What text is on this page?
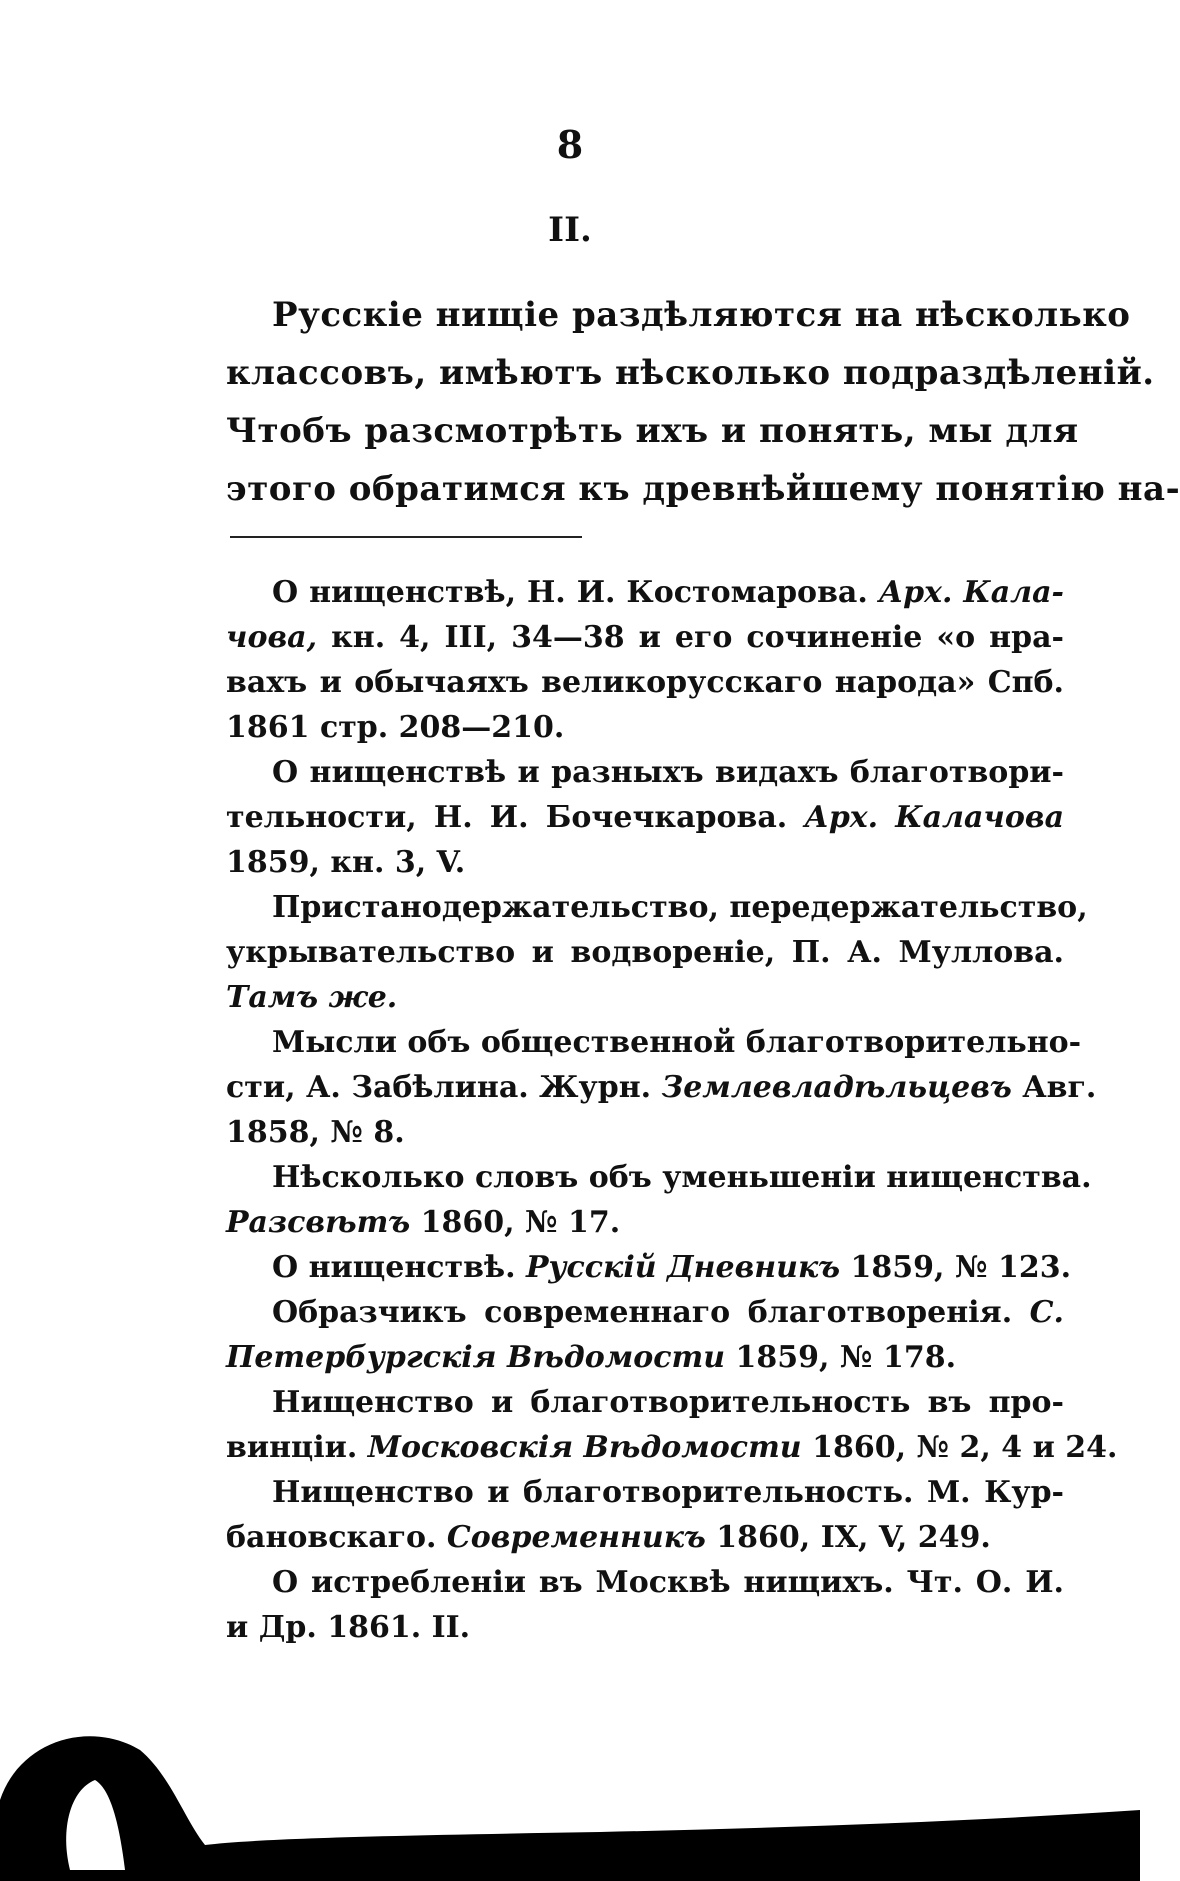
8
II.
Русскіе нищіе раздѣляются на нѣсколько
классовъ, имѣютъ нѣсколько подраздѣленій.
Чтобъ разсмотрѣть ихъ и понять, мы для
этого обратимся къ древнѣйшему понятію на-
О нищенствѣ, Н. И. Костомарова. Арх. Кала-
чова, кн. 4, III, 34—38 и его сочиненіе «о нра-
вахъ и обычаяхъ великорусскаго народа» Спб.
1861 стр. 208—210.
О нищенствѣ и разныхъ видахъ благотвори-
тельности, Н. И. Бочечкарова. Арх. Калачова
1859, кн. 3, V.
Пристанодержательство, передержательство,
укрывательство и водвореніе, П. А. Муллова.
Тамъ же.
Мысли объ общественной благотворительно-
сти, А. Забѣлина. Журн. Землевладѣльцевъ Авг.
1858, № 8.
Нѣсколько словъ объ уменьшеніи нищенства.
Разсвѣтъ 1860, № 17.
О нищенствѣ. Русскій Дневникъ 1859, № 123.
Образчикъ современнаго благотворенія. С.
Петербургскія Вѣдомости 1859, № 178.
Нищенство и благотворительность въ про-
винціи. Московскія Вѣдомости 1860, № 2, 4 и 24.
Нищенство и благотворительность. М. Кур-
бановскаго. Современникъ 1860, IX, V, 249.
О истребленіи въ Москвѣ нищихъ. Чт. О. И.
и Др. 1861. II.
